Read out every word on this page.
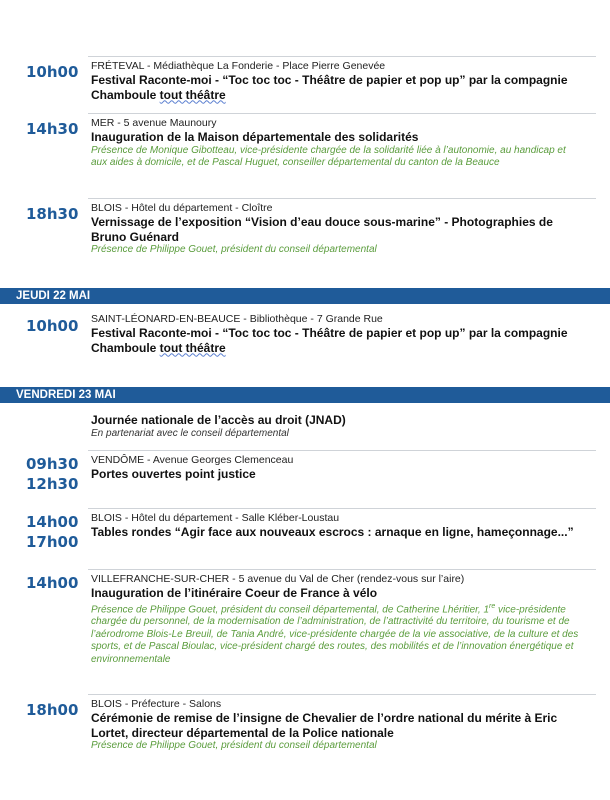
10h00 FRÉTEVAL - Médiathèque La Fonderie - Place Pierre Genevée
Festival Raconte-moi - “Toc toc toc - Théâtre de papier et pop up” par la compagnie Chamboule tout théâtre
14h30 MER - 5 avenue Maunoury
Inauguration de la Maison départementale des solidarités
Présence de Monique Gibotteau, vice-présidente chargée de la solidarité liée à l’autonomie, au handicap et aux aides à domicile, et de Pascal Huguet, conseiller départemental du canton de la Beauce
18h30 BLOIS - Hôtel du département - Cloître
Vernissage de l’exposition “Vision d’eau douce sous-marine” - Photographies de Bruno Guénard
Présence de Philippe Gouet, président du conseil départemental
JEUDI 22 MAI
10h00 SAINT-LÉONARD-EN-BEAUCE - Bibliothèque - 7 Grande Rue
Festival Raconte-moi - “Toc toc toc - Théâtre de papier et pop up” par la compagnie Chamboule tout théâtre
VENDREDI 23 MAI
Journée nationale de l’accès au droit (JNAD)
En partenariat avec le conseil départemental
09h30
12h30
VENDÔME - Avenue Georges Clemenceau
Portes ouvertes point justice
14h00
17h00
BLOIS - Hôtel du département - Salle Kléber-Loustau
Tables rondes “Agir face aux nouveaux escrocs : arnaque en ligne, hameçonnage...”
14h00 VILLEFRANCHE-SUR-CHER - 5 avenue du Val de Cher (rendez-vous sur l’aire)
Inauguration de l’itinéraire Coeur de France à vélo
Présence de Philippe Gouet, président du conseil départemental, de Catherine Lhéritier, 1re vice-présidente chargée du personnel, de la modernisation de l’administration, de l’attractivité du territoire, du tourisme et de l’aérodrome Blois-Le Breuil, de Tania André, vice-présidente chargée de la vie associative, de la culture et des sports, et de Pascal Bioulac, vice-président chargé des routes, des mobilités et de l’innovation énergétique et environnementale
18h00 BLOIS - Préfecture - Salons
Cérémonie de remise de l’insigne de Chevalier de l’ordre national du mérite à Eric Lortet, directeur départemental de la Police nationale
Présence de Philippe Gouet, président du conseil départemental
